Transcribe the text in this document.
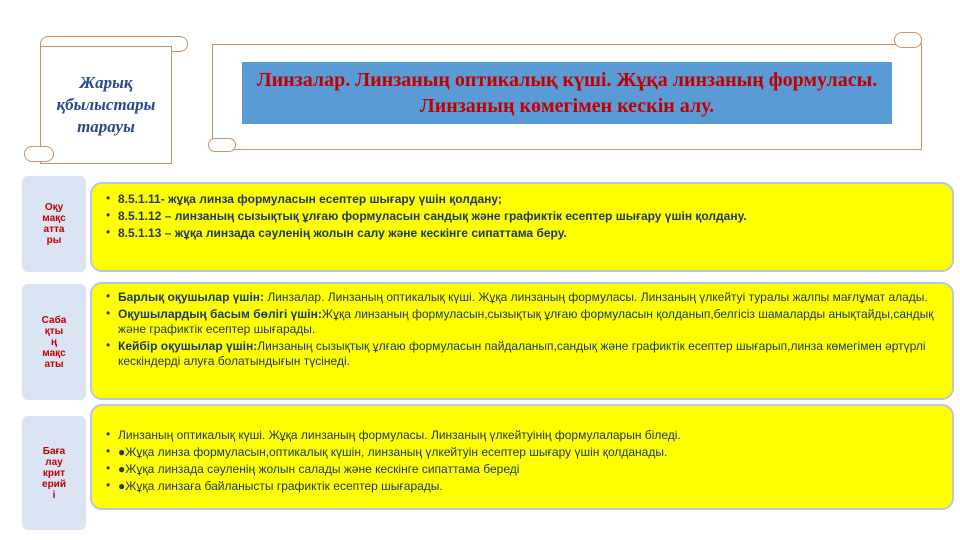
Жарық
қбылыстары
тарауы
Линзалар. Линзаның оптикалық күші. Жұқа линзаның формуласы. Линзаның көмегімен кескін алу.
Оқу
мақс
атта
ры
• 8.5.1.11- жұқа линза формуласын есептер шығару үшін қолдану;
• 8.5.1.12 – линзаның сызықтық ұлғаю формуласын сандық және графиктік есептер шығару үшін қолдану.
• 8.5.1.13 – жұқа линзада сәуленің жолын салу және кескінге сипаттама беру.
Саба
қты
ң
мақс
аты
• Барлық оқушылар үшін: Линзалар. Линзаның оптикалық күші. Жұқа линзаның формуласы. Линзаның үлкейтуі туралы жалпы мағлұмат алады.
• Оқушылардың басым бөлігі үшін:Жұқа линзаның формуласын,сызықтық ұлғаю формуласын қолданып,белгісіз шамаларды анықтайды,сандық және графиктік есептер шығарады.
• Кейбір оқушылар үшін:Линзаның сызықтық ұлғаю формуласын пайдаланып,сандық және графиктік есептер шығарып,линза көмегімен әртүрлі кескіндерді алуға болатындығын түсінеді.
Баға
лау
крит
ерий
і
• Линзаның оптикалық күші. Жұқа линзаның формуласы. Линзаның үлкейтуінің формулаларын біледі.
• ●Жұқа линза формуласын,оптикалық күшін, линзаның үлкейтуін есептер шығару үшін қолданады.
• ●Жұқа линзада сәуленің жолын салады және кескінге сипаттама береді
• ●Жұқа линзаға байланысты графиктік есептер шығарады.
